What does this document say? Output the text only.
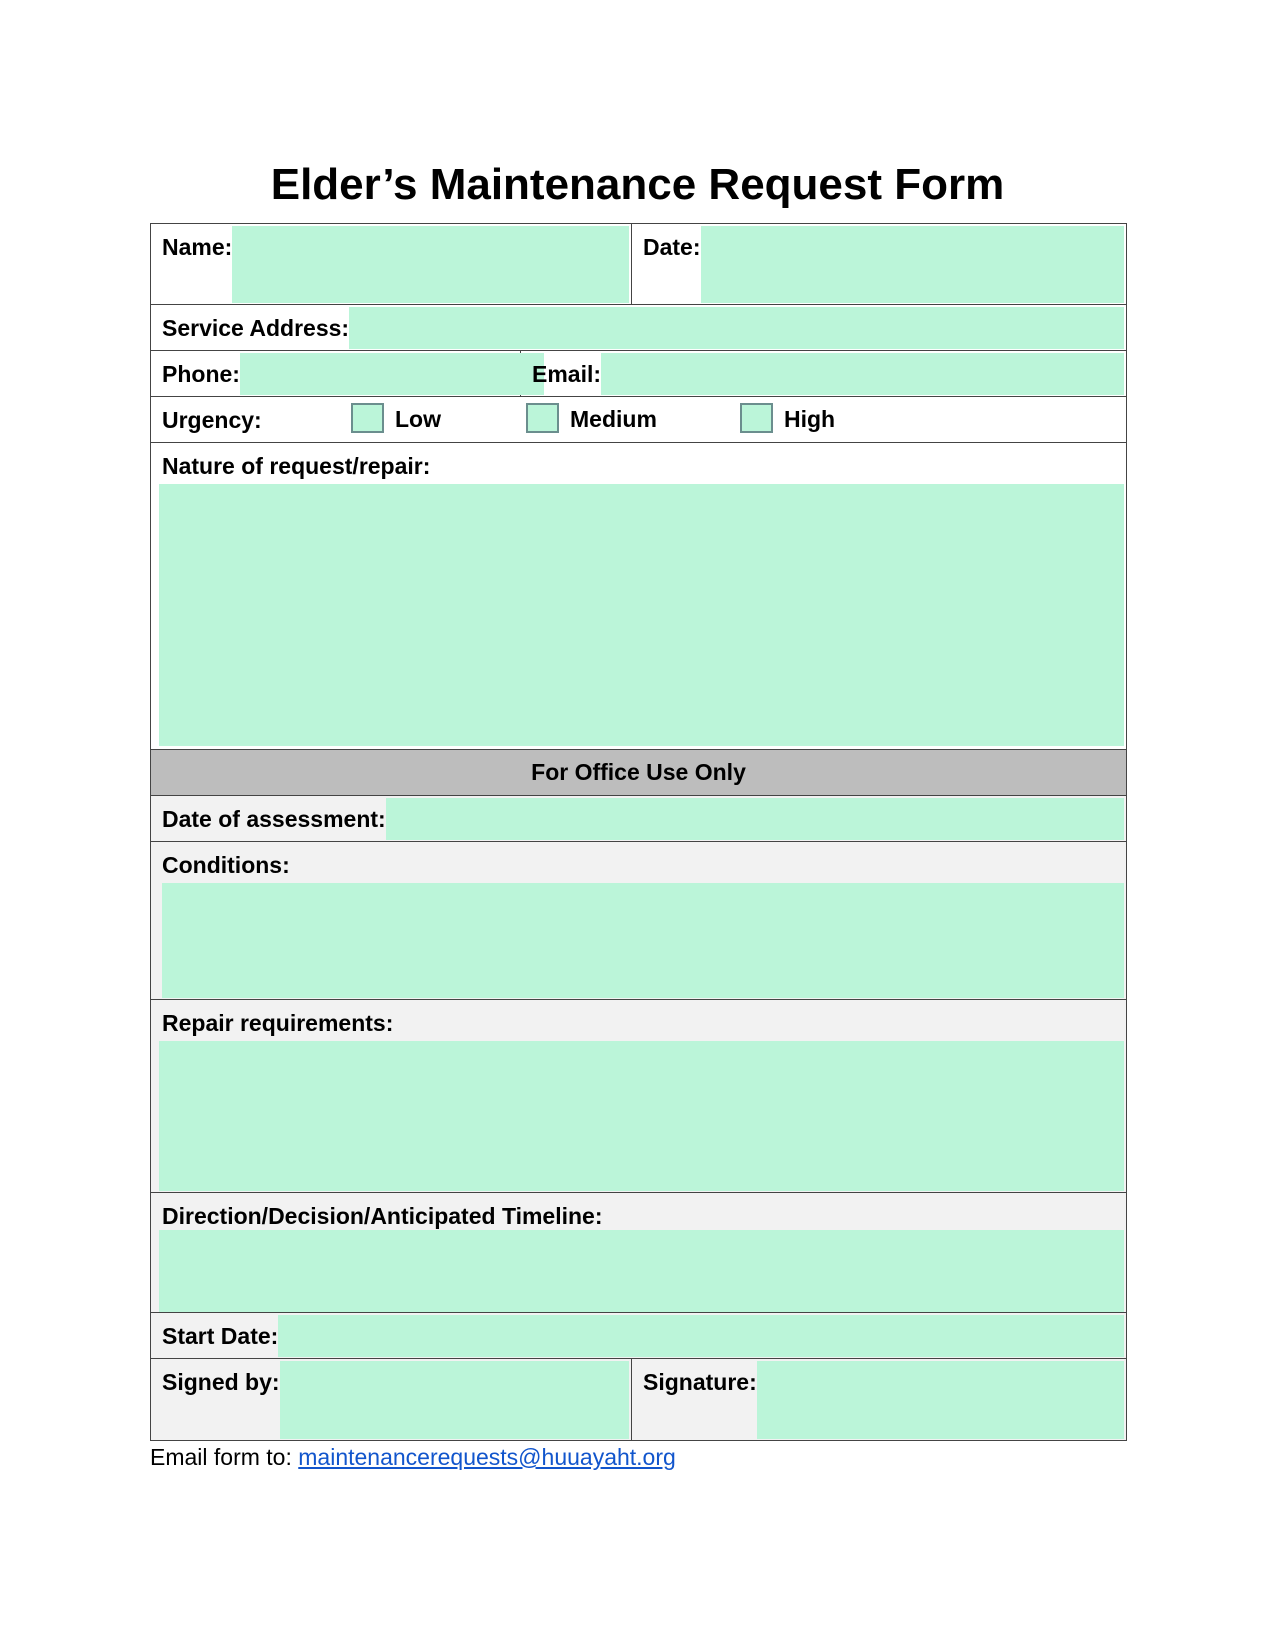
Elder’s Maintenance Request Form
Name:	Date:
Service Address:
Phone:	Email:
Urgency:	Low	Medium	High
Nature of request/repair:
For Office Use Only
Date of assessment:
Conditions:
Repair requirements:
Direction/Decision/Anticipated Timeline:
Start Date:
Signed by:	Signature:
Email form to: maintenancerequests@huuayaht.org
